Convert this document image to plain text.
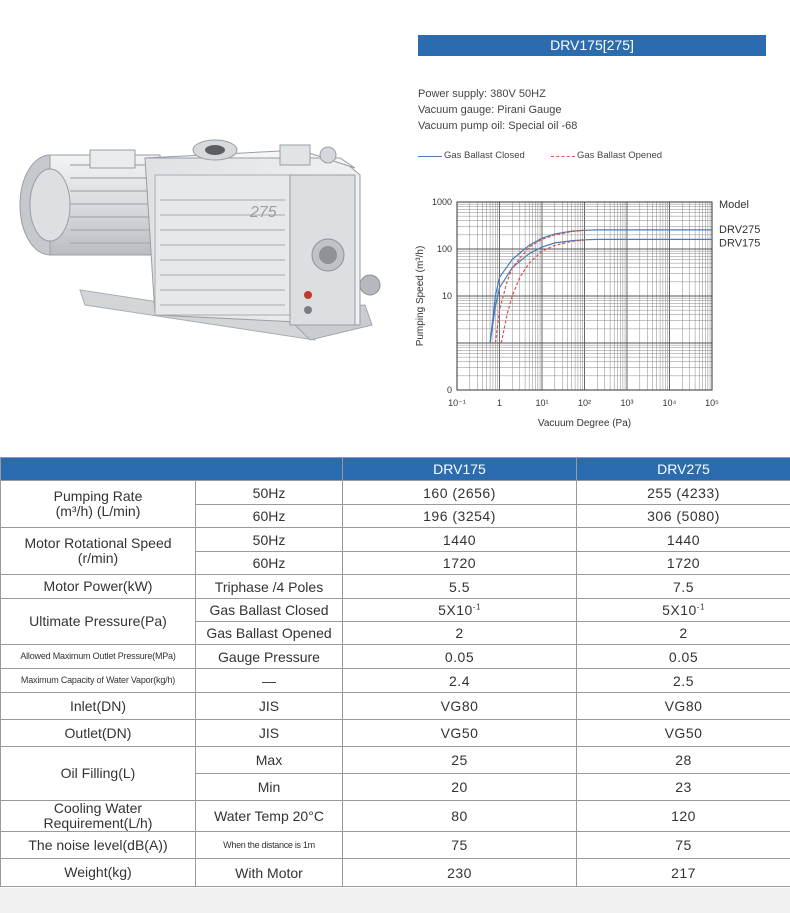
275
DRV175[275]
Power supply: 380V 50HZ
Vacuum gauge: Pirani Gauge
Vacuum pump oil: Special oil -68
Gas Ballast Closed	Gas Ballast Opened
10⁻¹	1	10¹	10²	10³	10⁴	10⁵
0
10
100
1000
Vacuum Degree (Pa)
Pumping Speed (m³/h)
Model
DRV275
DRV175
		DRV175	DRV275
Pumping Rate
(m³/h) (L/min)	50Hz	160 (2656)	255 (4233)
	60Hz	196 (3254)	306 (5080)
Motor Rotational Speed
(r/min)	50Hz	1440	1440
	60Hz	1720	1720
Motor Power(kW)	Triphase /4 Poles	5.5	7.5
Ultimate Pressure(Pa)	Gas Ballast Closed	$5X10^{-1}$	$5X10^{-1}$
	Gas Ballast Opened	2	2
Allowed Maximum Outlet Pressure(MPa)	Gauge Pressure	0.05	0.05
Maximum Capacity of Water Vapor(kg/h)	—	2.4	2.5
Inlet(DN)	JIS	VG80	VG80
Outlet(DN)	JIS	VG50	VG50
Oil Filling(L)	Max	25	28
	Min	20	23
Cooling Water Requirement(L/h)	Water Temp 20°C	80	120
The noise level(dB(A))	When the distance is 1m	75	75
Weight(kg)	With Motor	230	217
